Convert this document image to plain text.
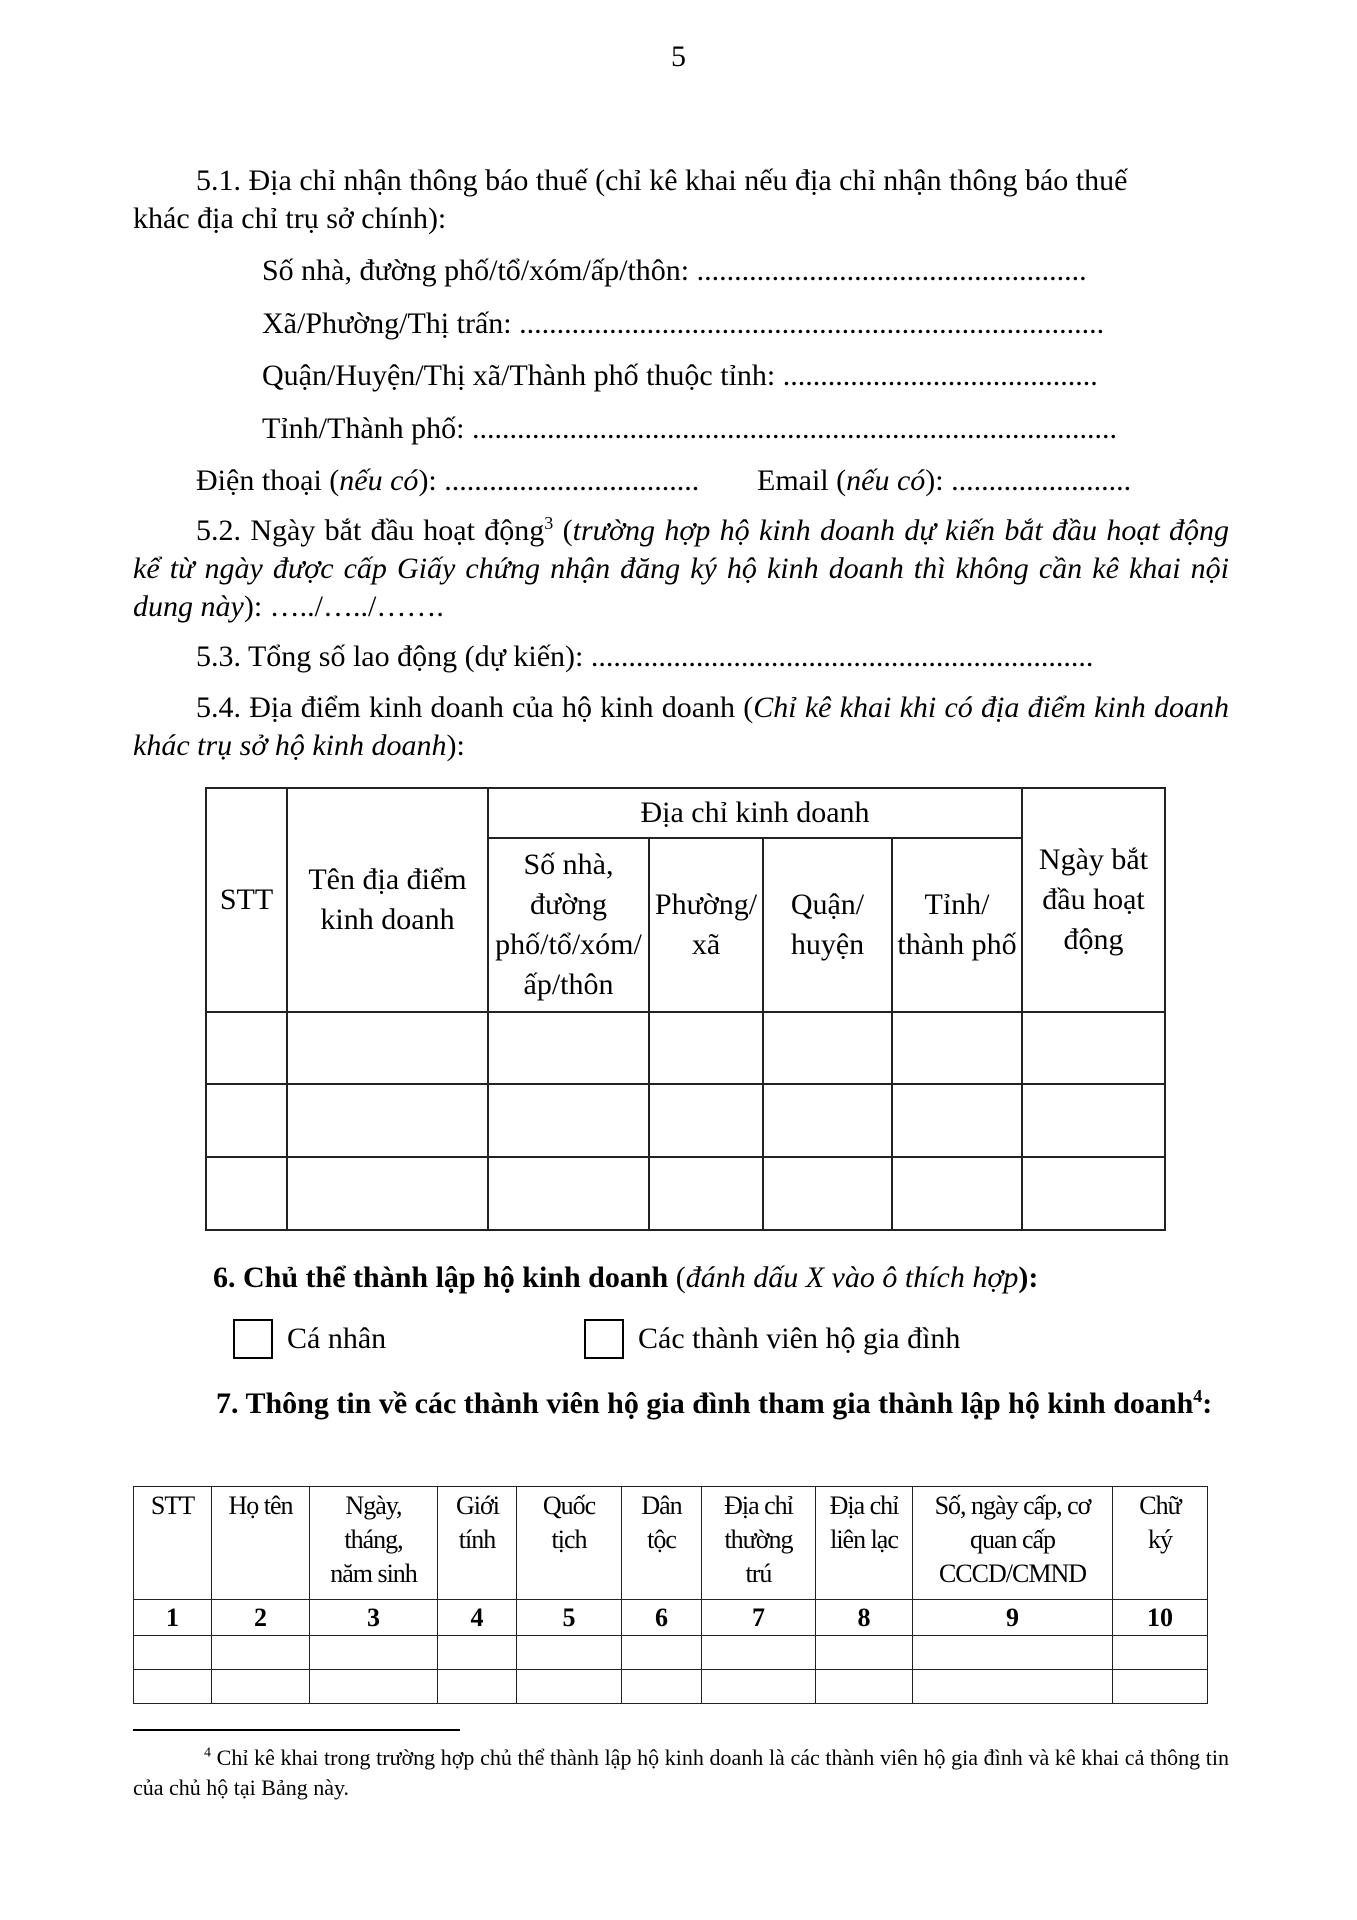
5
5.1. Địa chỉ nhận thông báo thuế (chỉ kê khai nếu địa chỉ nhận thông báo thuế
khác địa chỉ trụ sở chính):
Số nhà, đường phố/tổ/xóm/ấp/thôn: ....................................................
Xã/Phường/Thị trấn: ..............................................................................
Quận/Huyện/Thị xã/Thành phố thuộc tỉnh: ..........................................
Tỉnh/Thành phố: ......................................................................................
Điện thoại (nếu có): .................................. Email (nếu có): ........................
5.2. Ngày bắt đầu hoạt động$^3$ (trường hợp hộ kinh doanh dự kiến bắt đầu hoạt động kể từ ngày được cấp Giấy chứng nhận đăng ký hộ kinh doanh thì không cần kê khai nội dung này): …../…../…….
5.3. Tổng số lao động (dự kiến): ...................................................................
5.4. Địa điểm kinh doanh của hộ kinh doanh (Chỉ kê khai khi có địa điểm kinh doanh khác trụ sở hộ kinh doanh):
STT	Tên địa điểm kinh doanh	Địa chỉ kinh doanh				Ngày bắt đầu hoạt động
		Số nhà, đường phố/tổ/xóm/ ấp/thôn	Phường/ xã	Quận/ huyện	Tỉnh/ thành phố	

6. Chủ thể thành lập hộ kinh doanh (đánh dấu X vào ô thích hợp):
Cá nhân	Các thành viên hộ gia đình
7. Thông tin về các thành viên hộ gia đình tham gia thành lập hộ kinh doanh$^4$:
STT	Họ tên	Ngày, tháng, năm sinh	Giới tính	Quốc tịch	Dân tộc	Địa chỉ thường trú	Địa chỉ liên lạc	Số, ngày cấp, cơ quan cấp CCCD/CMND	Chữ ký
1	2	3	4	5	6	7	8	9	10

$^4$ Chỉ kê khai trong trường hợp chủ thể thành lập hộ kinh doanh là các thành viên hộ gia đình và kê khai cả thông tin của chủ hộ tại Bảng này.
